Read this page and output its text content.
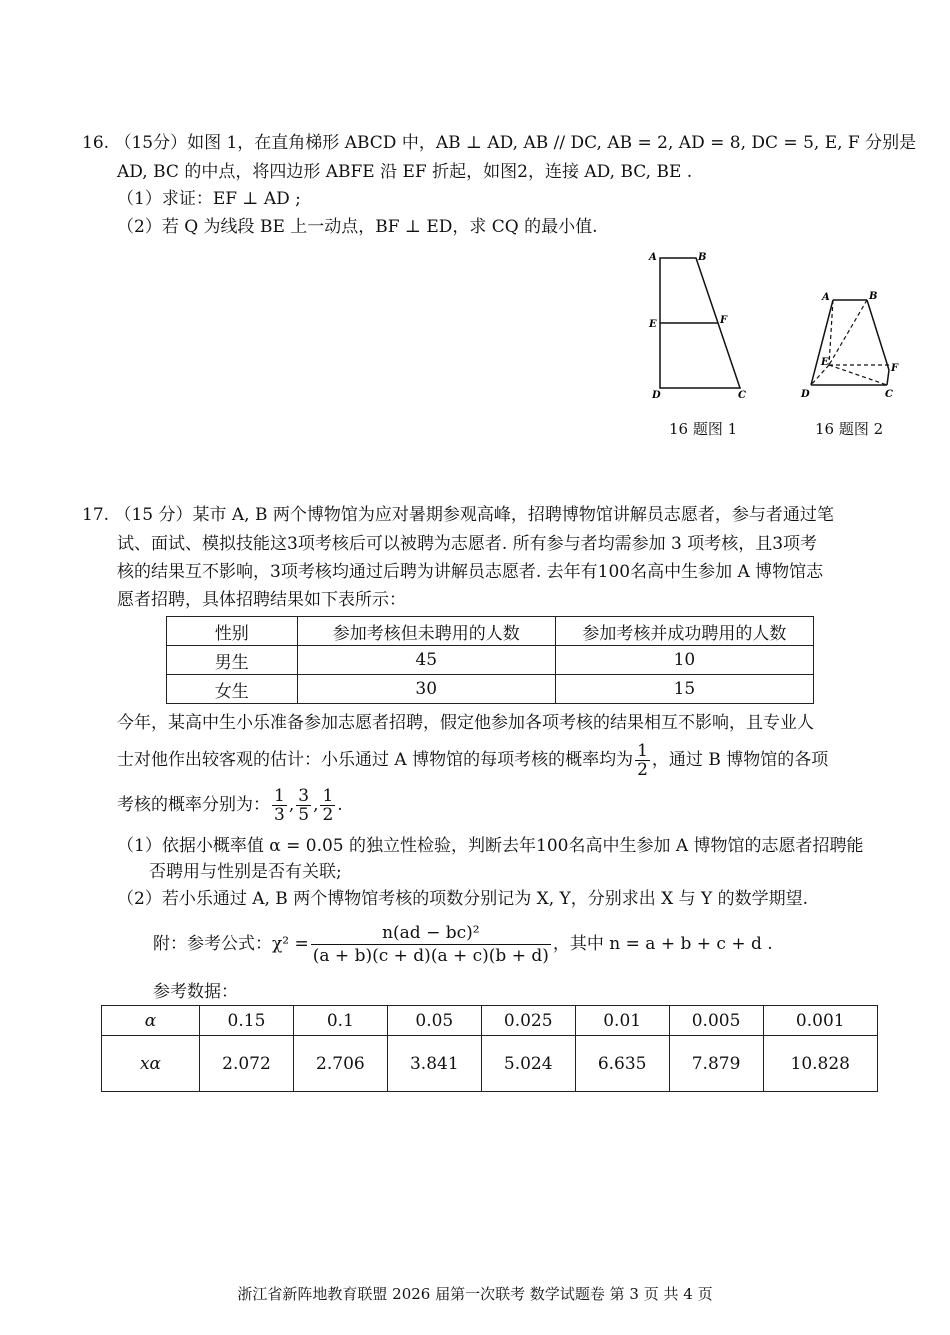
16. （15分）如图 1，在直角梯形 ABCD 中，AB ⊥ AD, AB // DC, AB = 2, AD = 8, DC = 5, E, F 分别是
AD, BC 的中点，将四边形 ABFE 沿 EF 折起，如图2，连接 AD, BC, BE .
（1）求证：EF ⊥ AD ;
（2）若 Q 为线段 BE 上一动点，BF ⊥ ED，求 CQ 的最小值.
A	B
E	F
D	C
16 题图 1
A	B
E
F
D	C
16 题图 2
17. （15 分）某市 A, B 两个博物馆为应对暑期参观高峰，招聘博物馆讲解员志愿者，参与者通过笔
试、面试、模拟技能这3项考核后可以被聘为志愿者. 所有参与者均需参加 3 项考核，且3项考
核的结果互不影响，3项考核均通过后聘为讲解员志愿者. 去年有100名高中生参加 A 博物馆志
愿者招聘，具体招聘结果如下表所示：
性别	参加考核但未聘用的人数	参加考核并成功聘用的人数
男生	45	10
女生	30	15
今年，某高中生小乐准备参加志愿者招聘，假定他参加各项考核的结果相互不影响，且专业人
士对他作出较客观的估计：小乐通过 A 博物馆的每项考核的概率均为 $\frac{1}{2}$ ，通过 B 博物馆的各项
考核的概率分别为： $\frac{1}{3}$ , $\frac{3}{5}$ , $\frac{1}{2}$ .
（1）依据小概率值 α = 0.05 的独立性检验，判断去年100名高中生参加 A 博物馆的志愿者招聘能
否聘用与性别是否有关联;
（2）若小乐通过 A, B 两个博物馆考核的项数分别记为 X, Y，分别求出 X 与 Y 的数学期望.
附：参考公式：$\chi^2 = \frac{\text{n(ad − bc)²}}{(a + b)(c + d)(a + c)(b + d)}$ ，其中 n = a + b + c + d .
参考数据：
α	0.15	0.1	0.05	0.025	0.01	0.005	0.001
xα	2.072	2.706	3.841	5.024	6.635	7.879	10.828
浙江省新阵地教育联盟 2026 届第一次联考 数学试题卷 第 3 页 共 4 页
